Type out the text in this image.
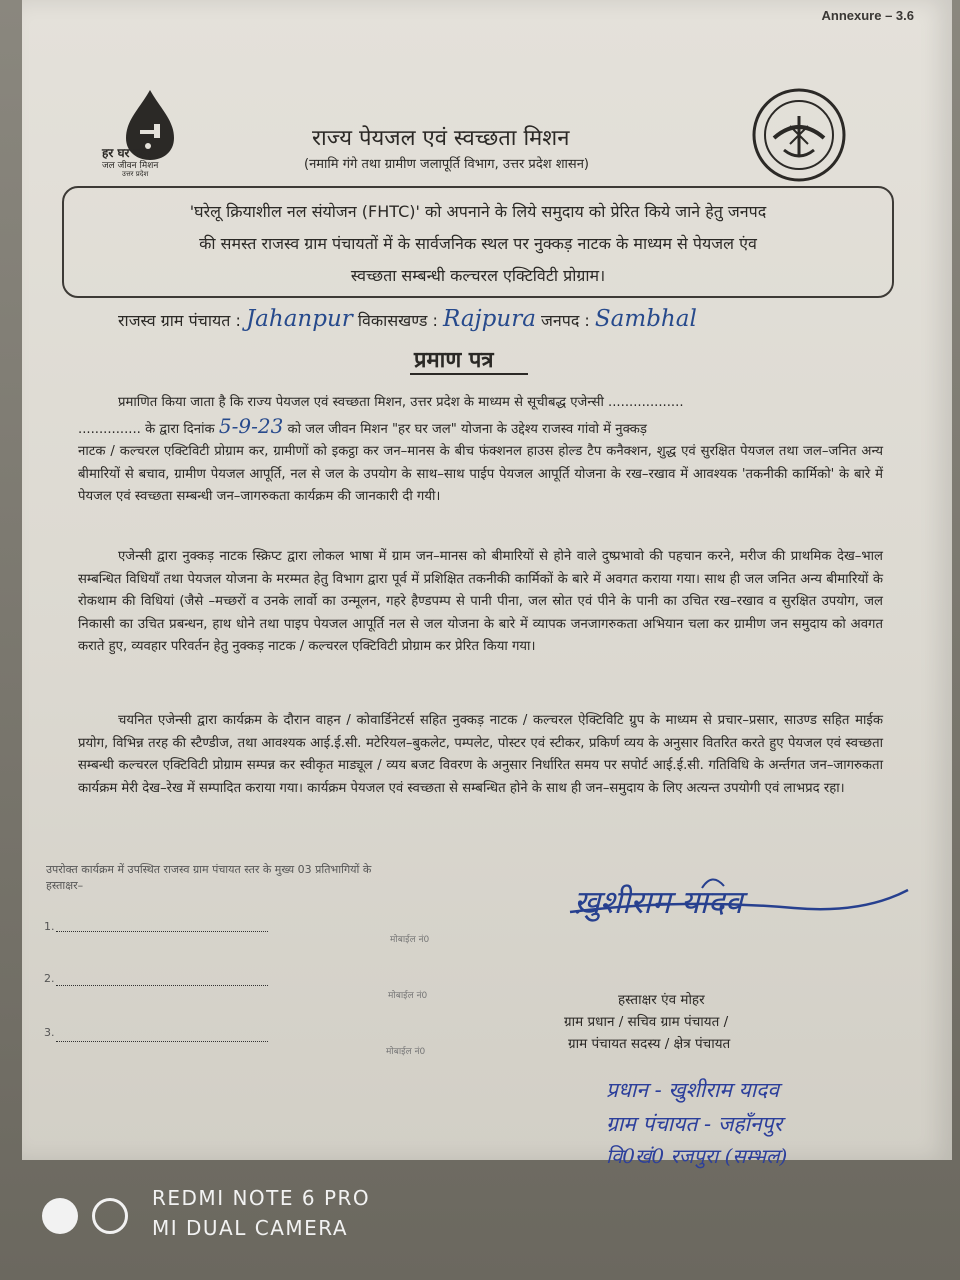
Annexure – 3.6
हर घर जल
जल जीवन मिशन
उत्तर प्रदेश
राज्य पेयजल एवं स्वच्छता मिशन
(नमामि गंगे तथा ग्रामीण जलापूर्ति विभाग, उत्तर प्रदेश शासन)
'घरेलू क्रियाशील नल संयोजन (FHTC)' को अपनाने के लिये समुदाय को प्रेरित किये जाने हेतु जनपद
की समस्त राजस्व ग्राम पंचायतों में के सार्वजनिक स्थल पर नुक्कड़ नाटक के माध्यम से पेयजल एंव
स्वच्छता सम्बन्धी कल्चरल एक्टिविटी प्रोग्राम।
राजस्व ग्राम पंचायत : Jahanpur विकासखण्ड : Rajpura जनपद : Sambhal
प्रमाण पत्र
प्रमाणित किया जाता है कि राज्य पेयजल एवं स्वच्छता मिशन, उत्तर प्रदेश के माध्यम से सूचीबद्ध एजेन्सी ..................
............... के द्वारा दिनांक 5-9-23 को जल जीवन मिशन "हर घर जल" योजना के उद्देश्य राजस्व गांवो में नुक्कड़
नाटक / कल्चरल एक्टिविटी प्रोग्राम कर, ग्रामीणों को इकट्ठा कर जन–मानस के बीच फंक्शनल हाउस होल्ड टैप कनैक्शन, शुद्ध एवं सुरक्षित पेयजल तथा जल–जनित अन्य बीमारियों से बचाव, ग्रामीण पेयजल आपूर्ति, नल से जल के उपयोग के साथ–साथ पाईप पेयजल आपूर्ति योजना के रख–रखाव में आवश्यक 'तकनीकी कार्मिको' के बारे में पेयजल एवं स्वच्छता सम्बन्धी जन–जागरुकता कार्यक्रम की जानकारी दी गयी।
एजेन्सी द्वारा नुक्कड़ नाटक स्क्रिप्ट द्वारा लोकल भाषा में ग्राम जन–मानस को बीमारियों से होने वाले दुष्प्रभावो की पहचान करने, मरीज की प्राथमिक देख–भाल सम्बन्धित विधियाँ तथा पेयजल योजना के मरम्मत हेतु विभाग द्वारा पूर्व में प्रशिक्षित तकनीकी कार्मिकों के बारे में अवगत कराया गया। साथ ही जल जनित अन्य बीमारियों के रोकथाम की विधियां (जैसे –मच्छरों व उनके लार्वो का उन्मूलन, गहरे हैण्डपम्प से पानी पीना, जल स्रोत एवं पीने के पानी का उचित रख–रखाव व सुरक्षित उपयोग, जल निकासी का उचित प्रबन्धन, हाथ धोने तथा पाइप पेयजल आपूर्ति नल से जल योजना के बारे में व्यापक जनजागरुकता अभियान चला कर ग्रामीण जन समुदाय को अवगत कराते हुए, व्यवहार परिवर्तन हेतु नुक्कड़ नाटक / कल्चरल एक्टिविटी प्रोग्राम कर प्रेरित किया गया।
चयनित एजेन्सी द्वारा कार्यक्रम के दौरान वाहन / कोवार्डिनेटर्स सहित नुक्कड़ नाटक / कल्चरल ऐक्टिविटि ग्रुप के माध्यम से प्रचार–प्रसार, साउण्ड सहित माईक प्रयोग, विभिन्न तरह की स्टैण्डीज, तथा आवश्यक आई.ई.सी. मटेरियल–बुकलेट, पम्पलेट, पोस्टर एवं स्टीकर, प्रकिर्ण व्यय के अनुसार वितरित करते हुए पेयजल एवं स्वच्छता सम्बन्धी कल्चरल एक्टिविटी प्रोग्राम सम्पन्न कर स्वीकृत माड्यूल / व्यय बजट विवरण के अनुसार निर्धारित समय पर सपोर्ट आई.ई.सी. गतिविधि के अर्न्तगत जन–जागरुकता कार्यक्रम मेरी देख–रेख में सम्पादित कराया गया। कार्यक्रम पेयजल एवं स्वच्छता से सम्बन्धित होने के साथ ही जन–समुदाय के लिए अत्यन्त उपयोगी एवं लाभप्रद रहा।
उपरोक्त कार्यक्रम में उपस्थित राजस्व ग्राम पंचायत स्तर के मुख्य 03 प्रतिभागियों के
हस्ताक्षर–
1.
मोबाईल नं0
2.
मोबाईल नं0
3.
मोबाईल नं0
ख़ुशीराम यादव
हस्ताक्षर एंव मोहर
ग्राम प्रधान / सचिव ग्राम पंचायत /
ग्राम पंचायत सदस्य / क्षेत्र पंचायत
प्रधान - खुशीराम यादव
ग्राम पंचायत - जहाँनपुर
वि0खं0 रजपुरा (सम्भल)
REDMI NOTE 6 PRO
MI DUAL CAMERA
